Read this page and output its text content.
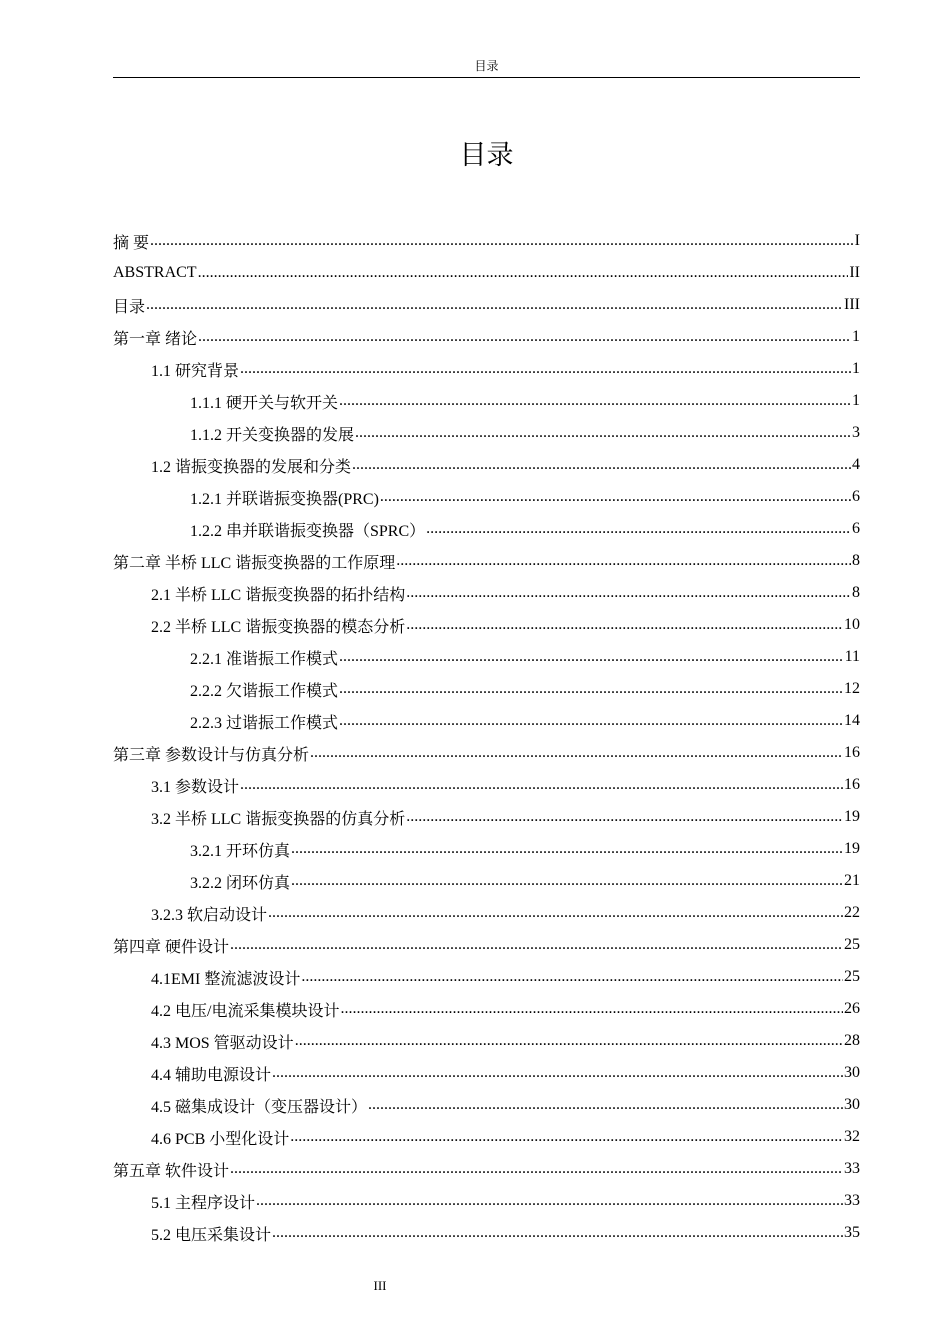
目录
目录
摘 要 .....	I
ABSTRACT .....	II
目录 .....	III
第一章 绪论 .....	1
1.1 研究背景 .....	1
1.1.1 硬开关与软开关 .....	1
1.1.2 开关变换器的发展 .....	3
1.2 谐振变换器的发展和分类 .....	4
1.2.1 并联谐振变换器(PRC) .....	6
1.2.2 串并联谐振变换器（SPRC） .....	6
第二章 半桥 LLC 谐振变换器的工作原理 .....	8
2.1 半桥 LLC 谐振变换器的拓扑结构 .....	8
2.2 半桥 LLC 谐振变换器的模态分析 .....	10
2.2.1 准谐振工作模式 .....	11
2.2.2 欠谐振工作模式 .....	12
2.2.3 过谐振工作模式 .....	14
第三章 参数设计与仿真分析 .....	16
3.1 参数设计 .....	16
3.2 半桥 LLC 谐振变换器的仿真分析 .....	19
3.2.1 开环仿真 .....	19
3.2.2 闭环仿真 .....	21
3.2.3 软启动设计 .....	22
第四章 硬件设计 .....	25
4.1EMI 整流滤波设计 .....	25
4.2 电压/电流采集模块设计 .....	26
4.3 MOS 管驱动设计 .....	28
4.4 辅助电源设计 .....	30
4.5 磁集成设计（变压器设计） .....	30
4.6 PCB 小型化设计 .....	32
第五章 软件设计 .....	33
5.1 主程序设计 .....	33
5.2 电压采集设计 .....	35
III
